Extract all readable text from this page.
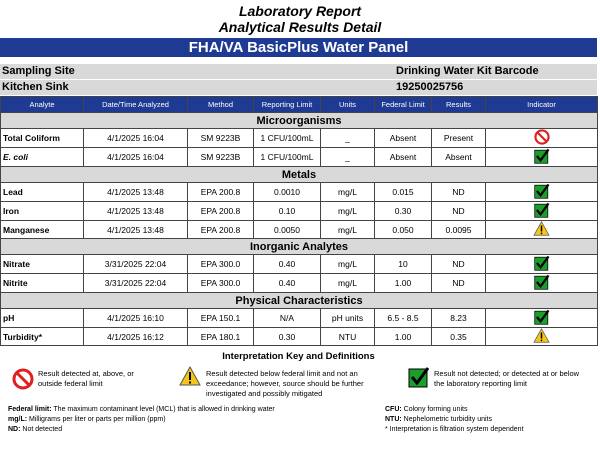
Laboratory Report
Analytical Results Detail
FHA/VA BasicPlus Water Panel
Sampling Site	Drinking Water Kit Barcode
Kitchen Sink	19250025756
Analyte	Date/Time Analyzed	Method	Reporting Limit	Units	Federal Limit	Results	Indicator
Microorganisms							
Total Coliform	4/1/2025 16:04	SM 9223B	1 CFU/100mL	_	Absent	Present	
E. coli	4/1/2025 16:04	SM 9223B	1 CFU/100mL	_	Absent	Absent	
Metals							
Lead	4/1/2025 13:48	EPA 200.8	0.0010	mg/L	0.015	ND	
Iron	4/1/2025 13:48	EPA 200.8	0.10	mg/L	0.30	ND	
Manganese	4/1/2025 13:48	EPA 200.8	0.0050	mg/L	0.050	0.0095	
Inorganic Analytes							
Nitrate	3/31/2025 22:04	EPA 300.0	0.40	mg/L	10	ND	
Nitrite	3/31/2025 22:04	EPA 300.0	0.40	mg/L	1.00	ND	
Physical Characteristics							
pH	4/1/2025 16:10	EPA 150.1	N/A	pH units	6.5 - 8.5	8.23	
Turbidity*	4/1/2025 16:12	EPA 180.1	0.30	NTU	1.00	0.35	
Interpretation Key and Definitions
Result detected at, above, or outside federal limit
Result detected below federal limit and not an exceedance; however, source should be further investigated and possibly mitigated
Result not detected; or detected at or below the laboratory reporting limit
Federal limit: The maximum contaminant level (MCL) that is allowed in drinking water
mg/L: Milligrams per liter or parts per million (ppm)
ND: Not detected
CFU: Colony forming units
NTU: Nephelometric turbidity units
* Interpretation is filtration system dependent
